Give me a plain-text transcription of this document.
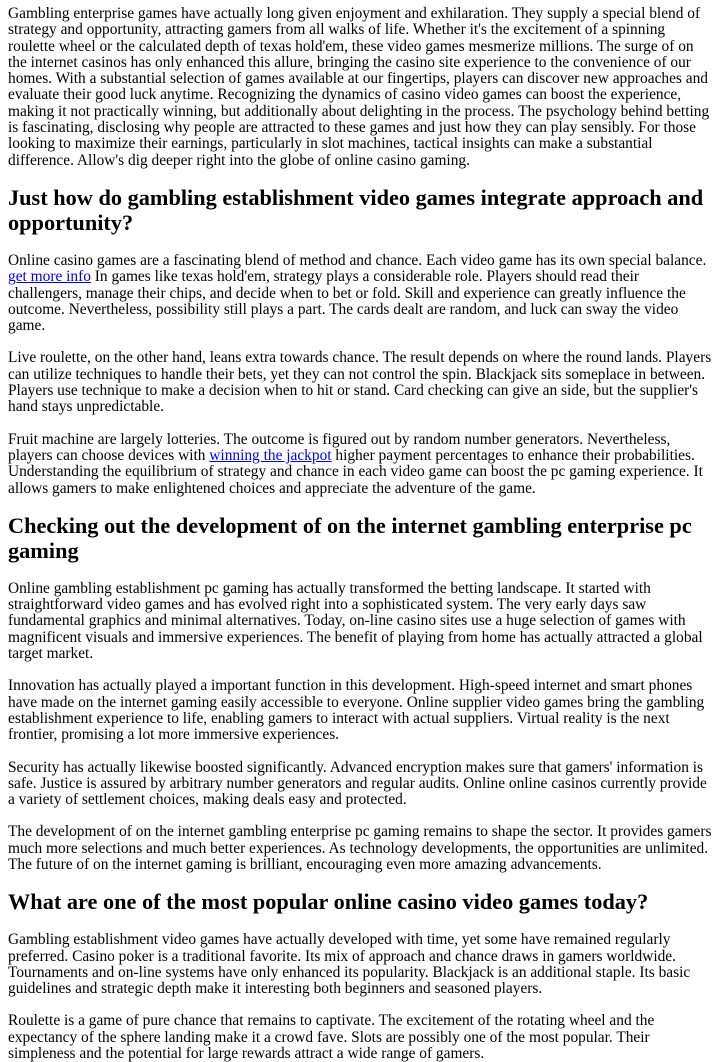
Gambling enterprise games have actually long given enjoyment and exhilaration. They supply a special blend of strategy and opportunity, attracting gamers from all walks of life. Whether it's the excitement of a spinning roulette wheel or the calculated depth of texas hold'em, these video games mesmerize millions. The surge of on the internet casinos has only enhanced this allure, bringing the casino site experience to the convenience of our homes. With a substantial selection of games available at our fingertips, players can discover new approaches and evaluate their good luck anytime. Recognizing the dynamics of casino video games can boost the experience, making it not practically winning, but additionally about delighting in the process. The psychology behind betting is fascinating, disclosing why people are attracted to these games and just how they can play sensibly. For those looking to maximize their earnings, particularly in slot machines, tactical insights can make a substantial difference. Allow's dig deeper right into the globe of online casino gaming.

Just how do gambling establishment video games integrate approach and opportunity?

Online casino games are a fascinating blend of method and chance. Each video game has its own special balance. get more info In games like texas hold'em, strategy plays a considerable role. Players should read their challengers, manage their chips, and decide when to bet or fold. Skill and experience can greatly influence the outcome. Nevertheless, possibility still plays a part. The cards dealt are random, and luck can sway the video game.

Live roulette, on the other hand, leans extra towards chance. The result depends on where the round lands. Players can utilize techniques to handle their bets, yet they can not control the spin. Blackjack sits someplace in between. Players use technique to make a decision when to hit or stand. Card checking can give an side, but the supplier's hand stays unpredictable.

Fruit machine are largely lotteries. The outcome is figured out by random number generators. Nevertheless, players can choose devices with winning the jackpot higher payment percentages to enhance their probabilities. Understanding the equilibrium of strategy and chance in each video game can boost the pc gaming experience. It allows gamers to make enlightened choices and appreciate the adventure of the game.

Checking out the development of on the internet gambling enterprise pc gaming

Online gambling establishment pc gaming has actually transformed the betting landscape. It started with straightforward video games and has evolved right into a sophisticated system. The very early days saw fundamental graphics and minimal alternatives. Today, on-line casino sites use a huge selection of games with magnificent visuals and immersive experiences. The benefit of playing from home has actually attracted a global target market.

Innovation has actually played a important function in this development. High-speed internet and smart phones have made on the internet gaming easily accessible to everyone. Online supplier video games bring the gambling establishment experience to life, enabling gamers to interact with actual suppliers. Virtual reality is the next frontier, promising a lot more immersive experiences.

Security has actually likewise boosted significantly. Advanced encryption makes sure that gamers' information is safe. Justice is assured by arbitrary number generators and regular audits. Online online casinos currently provide a variety of settlement choices, making deals easy and protected.

The development of on the internet gambling enterprise pc gaming remains to shape the sector. It provides gamers much more selections and much better experiences. As technology developments, the opportunities are unlimited. The future of on the internet gaming is brilliant, encouraging even more amazing advancements.

What are one of the most popular online casino video games today?

Gambling establishment video games have actually developed with time, yet some have remained regularly preferred. Casino poker is a traditional favorite. Its mix of approach and chance draws in gamers worldwide. Tournaments and on-line systems have only enhanced its popularity. Blackjack is an additional staple. Its basic guidelines and strategic depth make it interesting both beginners and seasoned players.

Roulette is a game of pure chance that remains to captivate. The excitement of the rotating wheel and the expectancy of the sphere landing make it a crowd fave. Slots are possibly one of the most popular. Their simpleness and the potential for large rewards attract a wide range of gamers.
